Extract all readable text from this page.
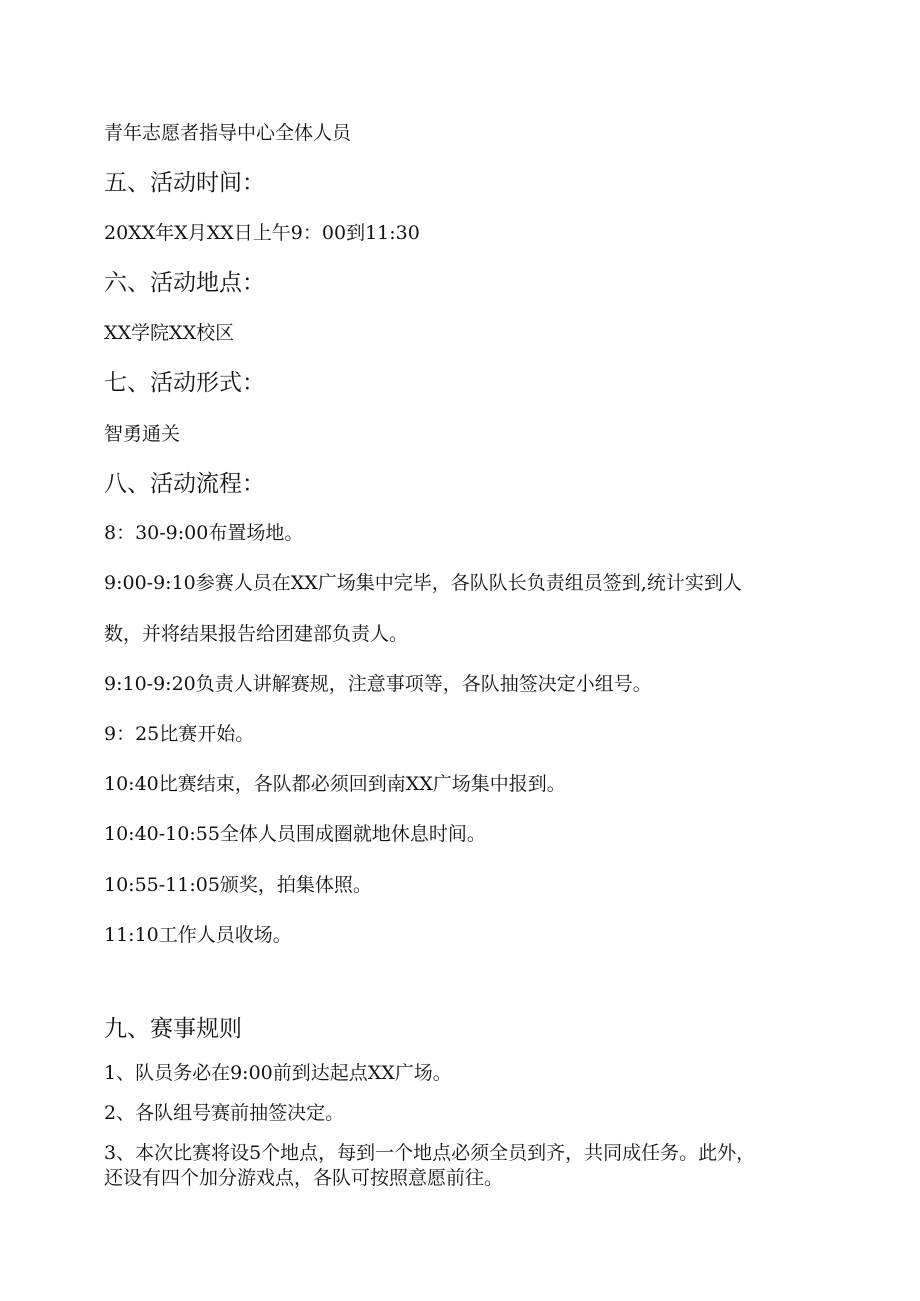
青年志愿者指导中心全体人员
五、活动时间：
20XX年X月XX日上午9：00到11:30
六、活动地点：
XX学院XX校区
七、活动形式：
智勇通关
八、活动流程：
8：30-9:00布置场地。
9:00-9:10参赛人员在XX广场集中完毕，各队队长负责组员签到,统计实到人
数，并将结果报告给团建部负责人。
9:10-9:20负责人讲解赛规，注意事项等，各队抽签决定小组号。
9：25比赛开始。
10:40比赛结束，各队都必须回到南XX广场集中报到。
10:40-10:55全体人员围成圈就地休息时间。
10:55-11:05颁奖，拍集体照。
11:10工作人员收场。
九、赛事规则
1、队员务必在9:00前到达起点XX广场。
2、各队组号赛前抽签决定。
3、本次比赛将设5个地点，每到一个地点必须全员到齐，共同成任务。此外，
还设有四个加分游戏点，各队可按照意愿前往。
